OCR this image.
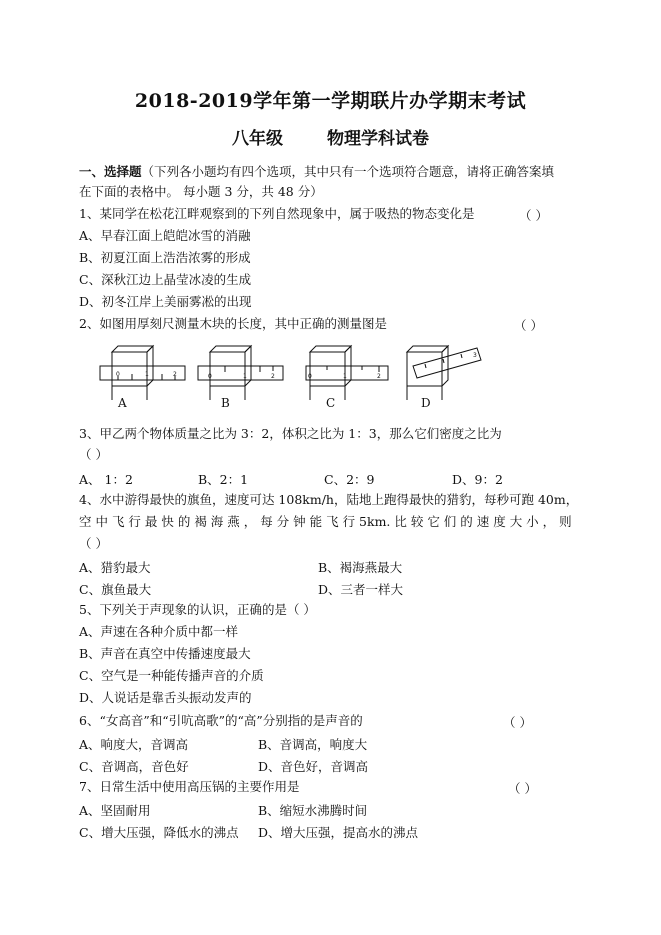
2018-2019学年第一学期联片办学期末考试
八年级	物理学科试卷
一、选择题（下列各小题均有四个选项，其中只有一个选项符合题意，请将正确答案填
在下面的表格中。 每小题 3 分，共 48 分）
1、某同学在松花江畔观察到的下列自然现象中，属于吸热的物态变化是	（ ）
A、早春江面上皑皑冰雪的消融
B、初夏江面上浩浩浓雾的形成
C、深秋江边上晶莹冰凌的生成
D、初冬江岸上美丽雾凇的出现
2、如图用厚刻尺测量木块的长度，其中正确的测量图是	（ ）
0	1	2	0	1	2	0	1	2
3
A	B	C	D
3、甲乙两个物体质量之比为 3：2，体积之比为 1：3，那么它们密度之比为
（ ）
A、 1：2	B、2：1	C、2：9	D、9：2
4、水中游得最快的旗鱼，速度可达 108km/h，陆地上跑得最快的猎豹，每秒可跑 40m，
空 中 飞 行 最 快 的 褐 海 燕 ， 每 分 钟 能 飞 行 5km. 比 较 它 们 的 速 度 大 小 ， 则
（ ）
A、猎豹最大	B、褐海燕最大
C、旗鱼最大	D、三者一样大
5、下列关于声现象的认识，正确的是（ ）
A、声速在各种介质中都一样
B、声音在真空中传播速度最大
C、空气是一种能传播声音的介质
D、人说话是靠舌头振动发声的
6、“女高音”和“引吭高歌”的“高”分别指的是声音的	（ ）
A、响度大，音调高	B、音调高，响度大
C、音调高，音色好	D、音色好，音调高
7、日常生活中使用高压锅的主要作用是	（ ）
A、坚固耐用	B、缩短水沸腾时间
C、增大压强，降低水的沸点 D、增大压强，提高水的沸点
